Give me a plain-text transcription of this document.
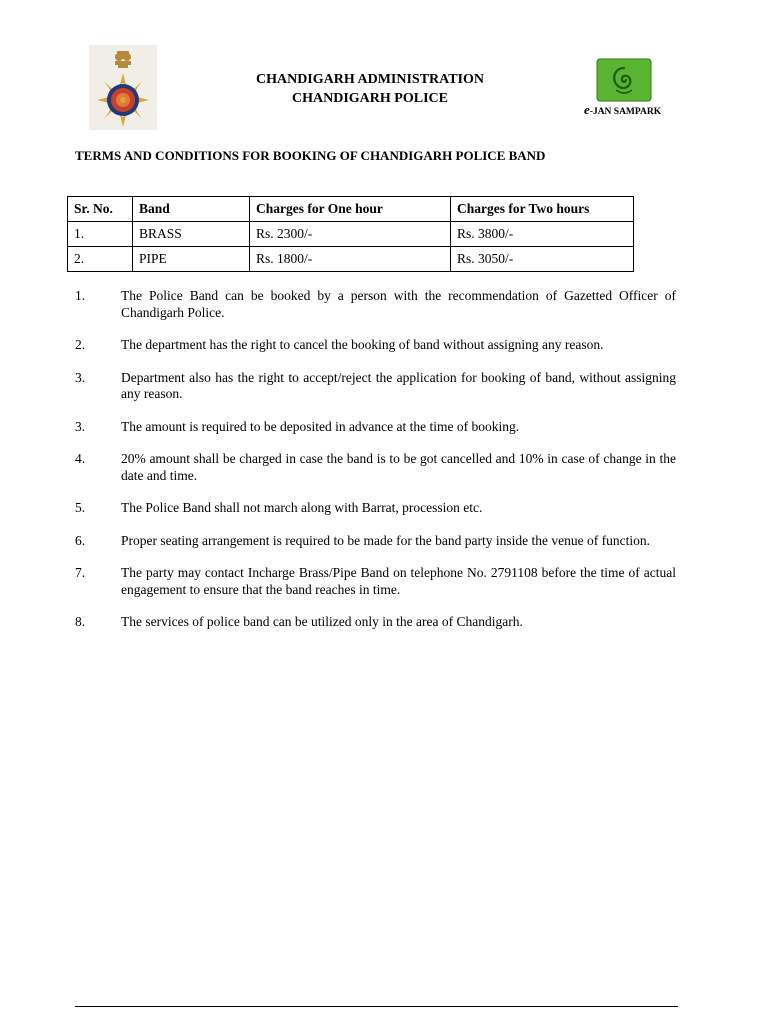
CHANDIGARH ADMINISTRATION
CHANDIGARH POLICE
e-JAN SAMPARK
TERMS AND CONDITIONS FOR BOOKING OF CHANDIGARH POLICE BAND
Sr. No.	Band	Charges for One hour	Charges for Two hours
1.	BRASS	Rs. 2300/-	Rs. 3800/-
2.	PIPE	Rs. 1800/-	Rs. 3050/-
1.	The Police Band can be booked by a person with the recommendation of Gazetted Officer of Chandigarh Police.
2.	The department has the right to cancel the booking of band without assigning any reason.
3.	Department also has the right to accept/reject the application for booking of band, without assigning any reason.
3.	The amount is required to be deposited in advance at the time of booking.
4.	20% amount shall be charged in case the band is to be got cancelled and 10% in case of change in the date and time.
5.	The Police Band shall not march along with Barrat, procession etc.
6.	Proper seating arrangement is required to be made for the band party inside the venue of function.
7.	The party may contact Incharge Brass/Pipe Band on telephone No. 2791108 before the time of actual engagement to ensure that the band reaches in time.
8.	The services of police band can be utilized only in the area of Chandigarh.
